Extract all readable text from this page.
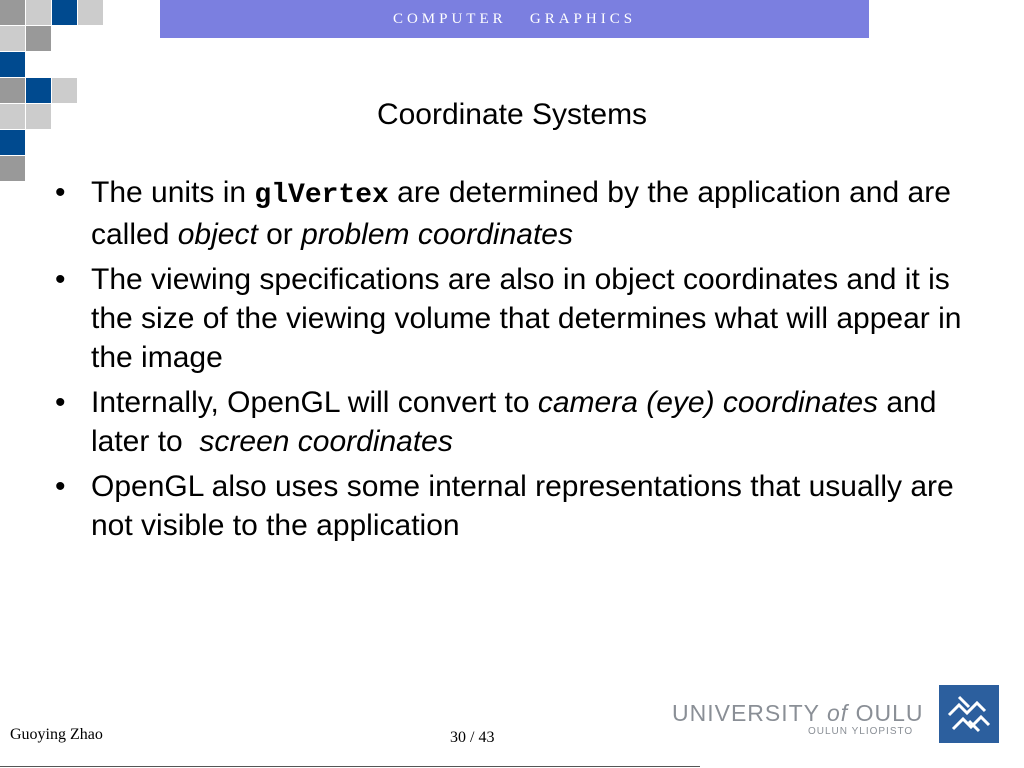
COMPUTER   GRAPHICS
Coordinate Systems
• The units in glVertex are determined by the application and are called object or problem coordinates
• The viewing specifications are also in object coordinates and it is the size of the viewing volume that determines what will appear in the image
• Internally, OpenGL will convert to camera (eye) coordinates and later to  screen coordinates
• OpenGL also uses some internal representations that usually are not visible to the application
Guoying Zhao	30 / 43
UNIVERSITY of OULU
OULUN YLIOPISTO
